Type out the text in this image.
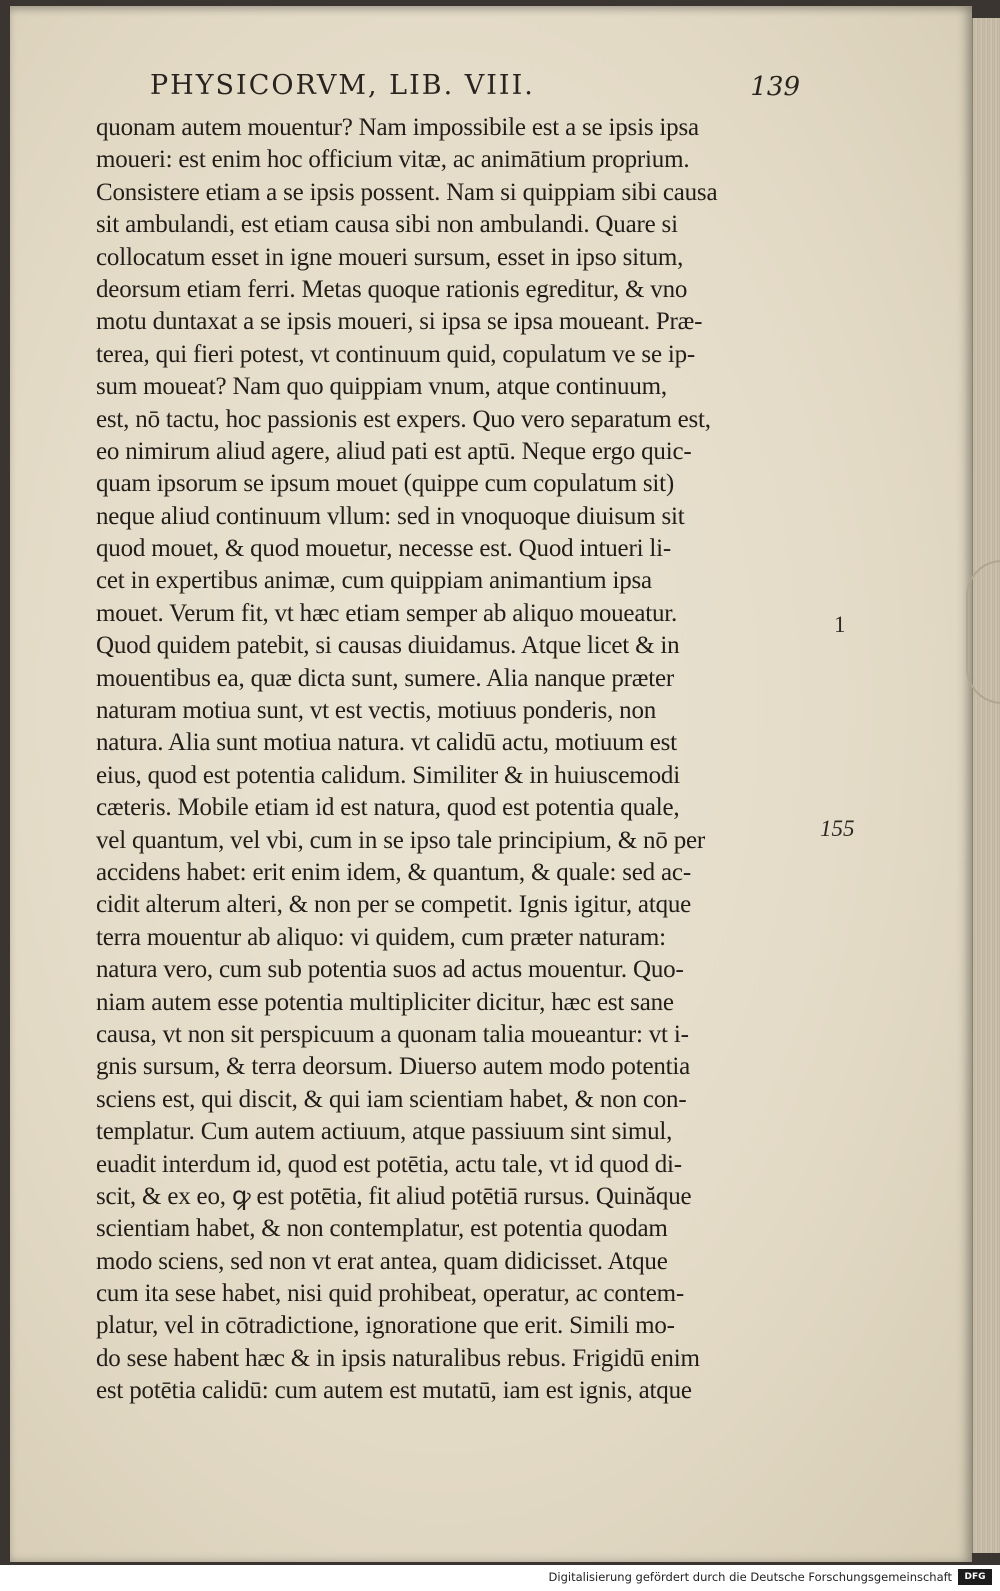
PHYSICORVM, LIB. VIII.	139
quonam autem mouentur? Nam impossibile est a se ipsis ipsa
moueri: est enim hoc officium vitæ, ac animātium proprium.
Consistere etiam a se ipsis possent. Nam si quippiam sibi causa
sit ambulandi, est etiam causa sibi non ambulandi. Quare si
collocatum esset in igne moueri sursum, esset in ipso situm,
deorsum etiam ferri. Metas quoque rationis egreditur, & vno
motu duntaxat a se ipsis moueri, si ipsa se ipsa moueant. Præ-
terea, qui fieri potest, vt continuum quid, copulatum ve se ip-
sum moueat? Nam quo quippiam vnum, atque continuum,
est, nō tactu, hoc passionis est expers. Quo vero separatum est,
eo nimirum aliud agere, aliud pati est aptū. Neque ergo quic-
quam ipsorum se ipsum mouet (quippe cum copulatum sit)
neque aliud continuum vllum: sed in vnoquoque diuisum sit
quod mouet, & quod mouetur, necesse est. Quod intueri li-
cet in expertibus animæ, cum quippiam animantium ipsa
mouet. Verum fit, vt hæc etiam semper ab aliquo moueatur.
Quod quidem patebit, si causas diuidamus. Atque licet & in
mouentibus ea, quæ dicta sunt, sumere. Alia nanque præter
naturam motiua sunt, vt est vectis, motiuus ponderis, non
natura. Alia sunt motiua natura. vt calidū actu, motiuum est
eius, quod est potentia calidum. Similiter & in huiuscemodi
cæteris. Mobile etiam id est natura, quod est potentia quale,
vel quantum, vel vbi, cum in se ipso tale principium, & nō per
accidens habet: erit enim idem, & quantum, & quale: sed ac-
cidit alterum alteri, & non per se competit. Ignis igitur, atque
terra mouentur ab aliquo: vi quidem, cum præter naturam:
natura vero, cum sub potentia suos ad actus mouentur. Quo-
niam autem esse potentia multipliciter dicitur, hæc est sane
causa, vt non sit perspicuum a quonam talia moueantur: vt i-
gnis sursum, & terra deorsum. Diuerso autem modo potentia
sciens est, qui discit, & qui iam scientiam habet, & non con-
templatur. Cum autem actiuum, atque passiuum sint simul,
euadit interdum id, quod est potētia, actu tale, vt id quod di-
scit, & ex eo, ꝙ est potētia, fit aliud potētiā rursus. Quinăque
scientiam habet, & non contemplatur, est potentia quodam
modo sciens, sed non vt erat antea, quam didicisset. Atque
cum ita sese habet, nisi quid prohibeat, operatur, ac contem-
platur, vel in cōtradictione, ignoratione que erit. Simili mo-
do sese habent hæc & in ipsis naturalibus rebus. Frigidū enim
est potētia calidū: cum autem est mutatū, iam est ignis, atque
1
155
Digitalisierung gefördert durch die Deutsche Forschungsgemeinschaft	DFG
